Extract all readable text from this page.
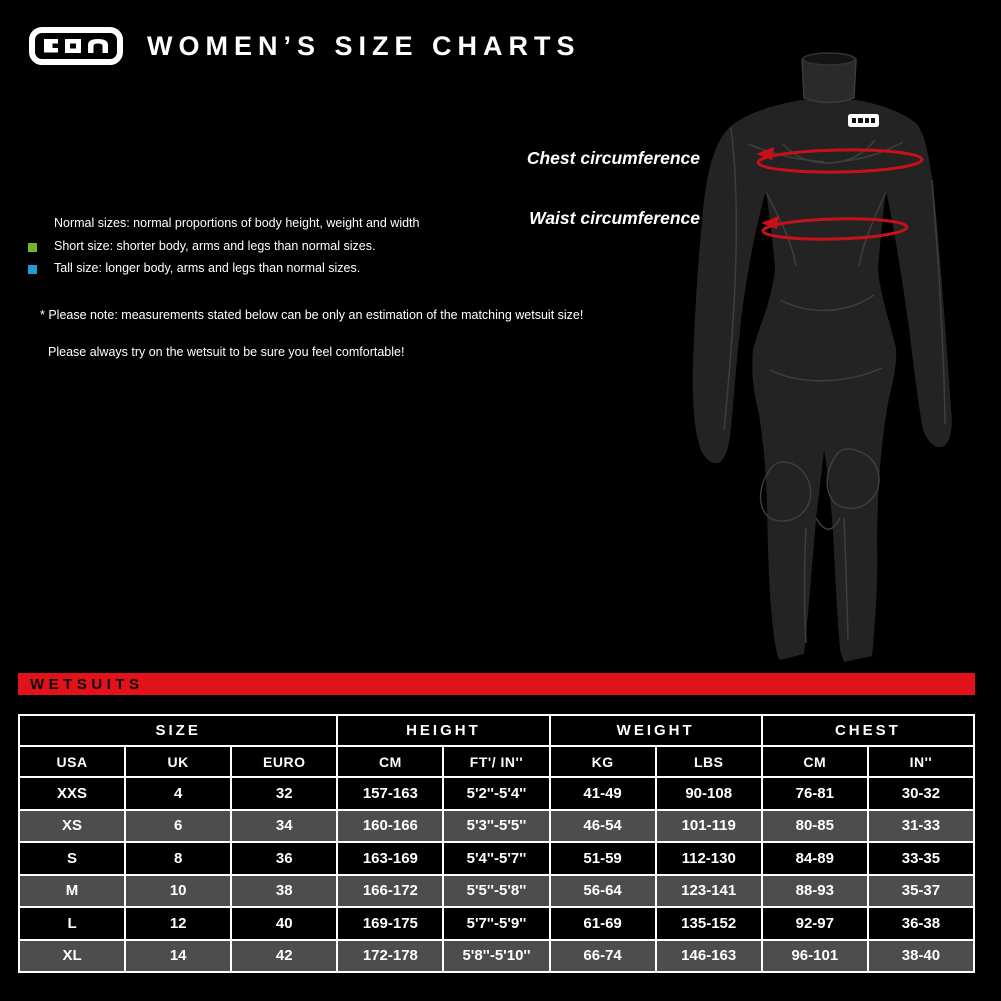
WOMEN’S SIZE CHARTS
Normal sizes: normal proportions of body height, weight and width
Short size: shorter body, arms and legs than normal sizes.
Tall size: longer body, arms and legs than normal sizes.
* Please note: measurements stated below can be only an estimation of the matching wetsuit size!
Please always try on the wetsuit to be sure you feel comfortable!
Chest circumference
Waist circumference
WETSUITS
SIZE			HEIGHT		WEIGHT		CHEST	
USA	UK	EURO	CM	FT'/ IN''	KG	LBS	CM	IN''
XXS	4	32	157-163	5'2''-5'4''	41-49	90-108	76-81	30-32
XS	6	34	160-166	5'3''-5'5''	46-54	101-119	80-85	31-33
S	8	36	163-169	5'4''-5'7''	51-59	112-130	84-89	33-35
M	10	38	166-172	5'5''-5'8''	56-64	123-141	88-93	35-37
L	12	40	169-175	5'7''-5'9''	61-69	135-152	92-97	36-38
XL	14	42	172-178	5'8''-5'10''	66-74	146-163	96-101	38-40
